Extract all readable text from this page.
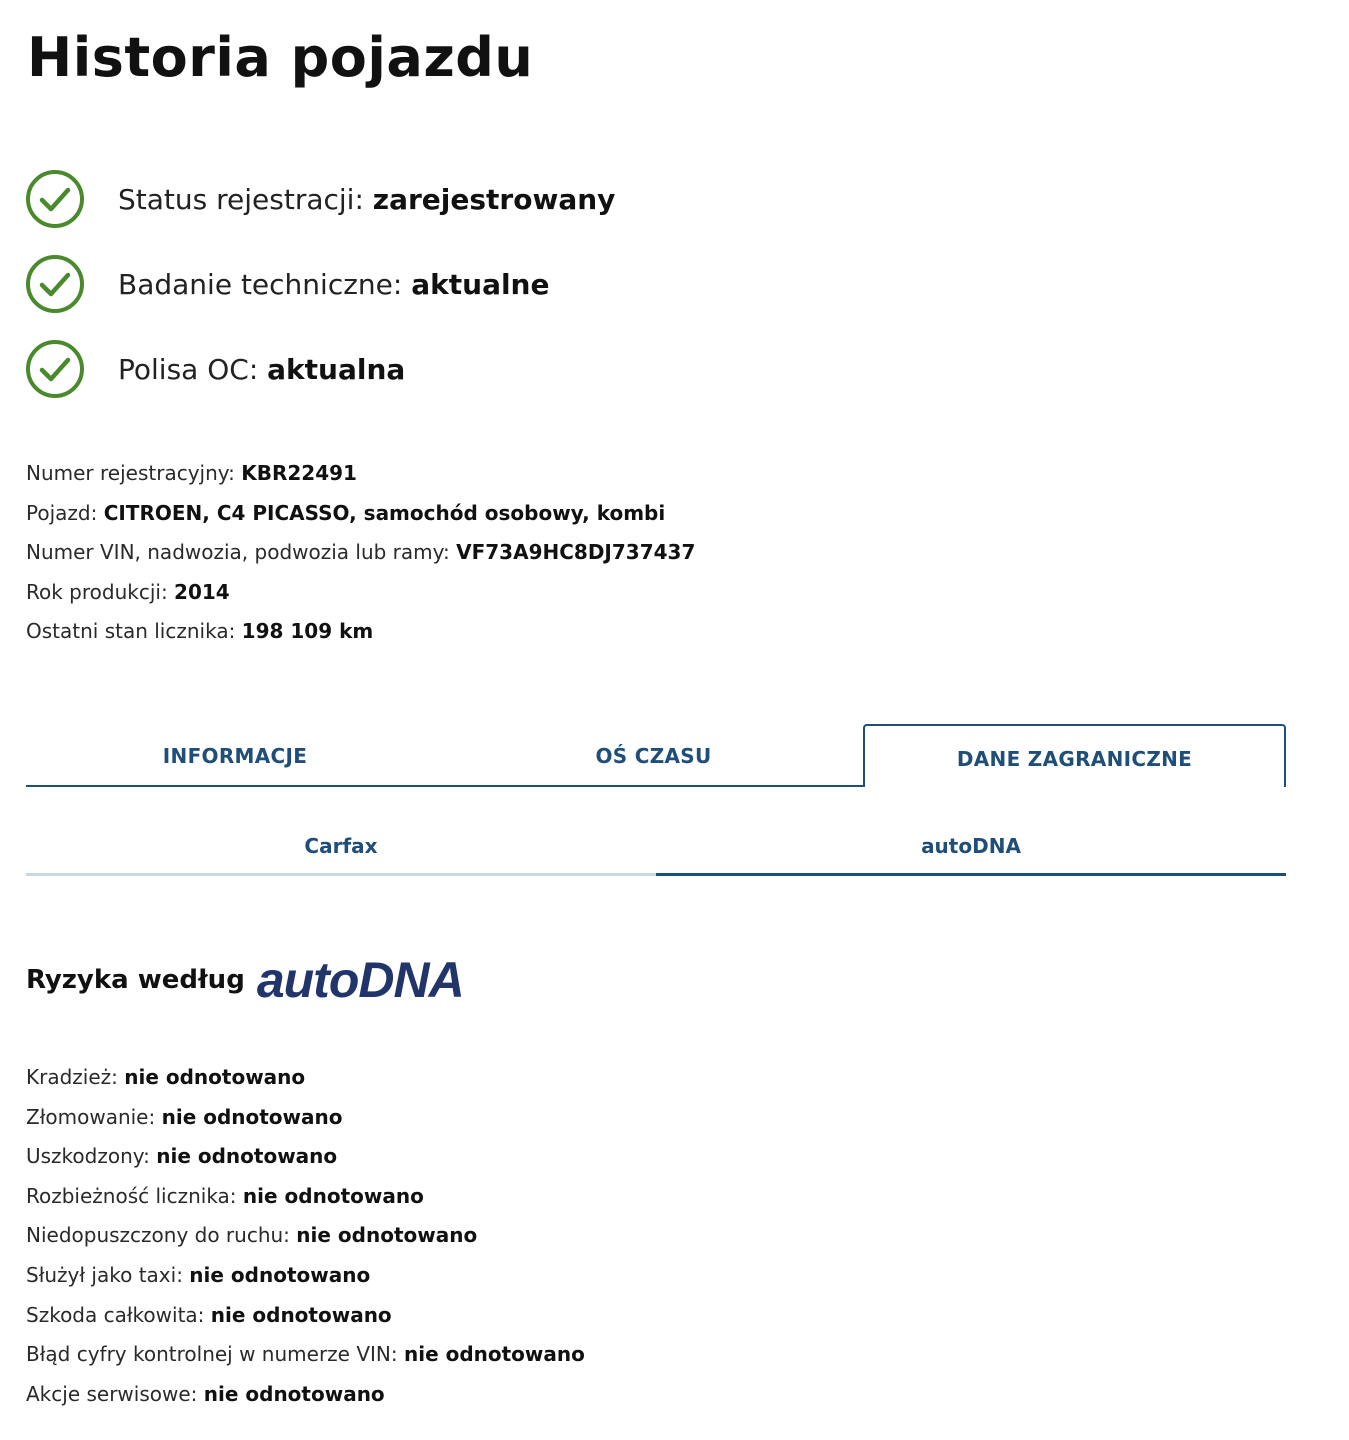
Historia pojazdu
Status rejestracji: zarejestrowany
Badanie techniczne: aktualne
Polisa OC: aktualna
Numer rejestracyjny: KBR22491
Pojazd: CITROEN, C4 PICASSO, samochód osobowy, kombi
Numer VIN, nadwozia, podwozia lub ramy: VF73A9HC8DJ737437
Rok produkcji: 2014
Ostatni stan licznika: 198 109 km
INFORMACJE	OŚ CZASU	DANE ZAGRANICZNE
Carfax	autoDNA
Ryzyka według autoDNA
Kradzież: nie odnotowano
Złomowanie: nie odnotowano
Uszkodzony: nie odnotowano
Rozbieżność licznika: nie odnotowano
Niedopuszczony do ruchu: nie odnotowano
Służył jako taxi: nie odnotowano
Szkoda całkowita: nie odnotowano
Błąd cyfry kontrolnej w numerze VIN: nie odnotowano
Akcje serwisowe: nie odnotowano
